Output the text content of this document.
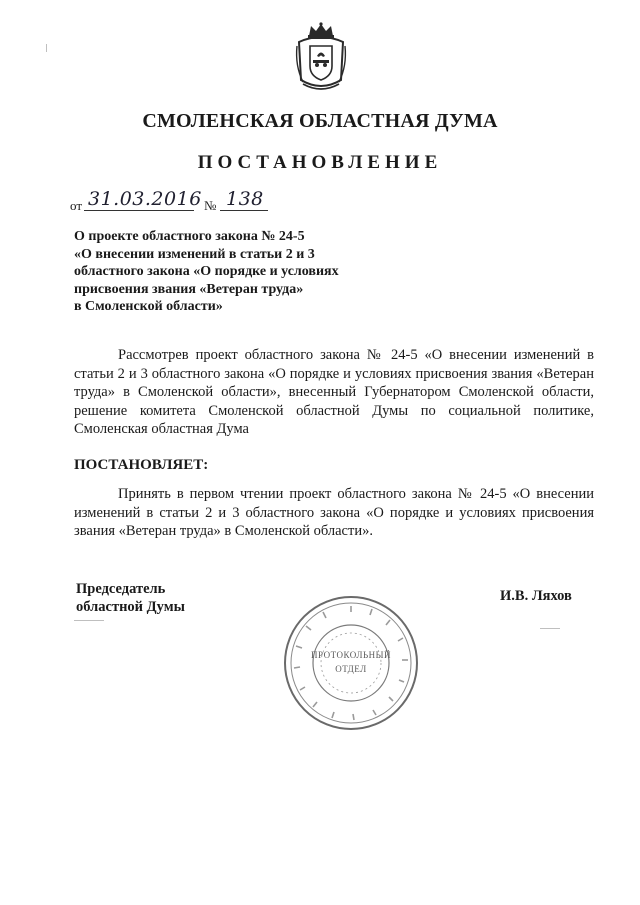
СМОЛЕНСКАЯ ОБЛАСТНАЯ ДУМА
ПОСТАНОВЛЕНИЕ
от 31.03.2016 № 138
О проекте областного закона № 24-5
«О внесении изменений в статьи 2 и 3
областного закона «О порядке и условиях
присвоения звания «Ветеран труда»
в Смоленской области»
Рассмотрев проект областного закона № 24-5 «О внесении изменений в статьи 2 и 3 областного закона «О порядке и условиях присвоения звания «Ветеран труда» в Смоленской области», внесенный Губернатором Смоленской области, решение комитета Смоленской областной Думы по социальной политике, Смоленская областная Дума
ПОСТАНОВЛЯЕТ:
Принять в первом чтении проект областного закона № 24-5 «О внесении изменений в статьи 2 и 3 областного закона «О порядке и условиях присвоения звания «Ветеран труда» в Смоленской области».
Председатель
областной Думы
И.В. Ляхов
ПРОТОКОЛЬНЫЙ
ОТДЕЛ
